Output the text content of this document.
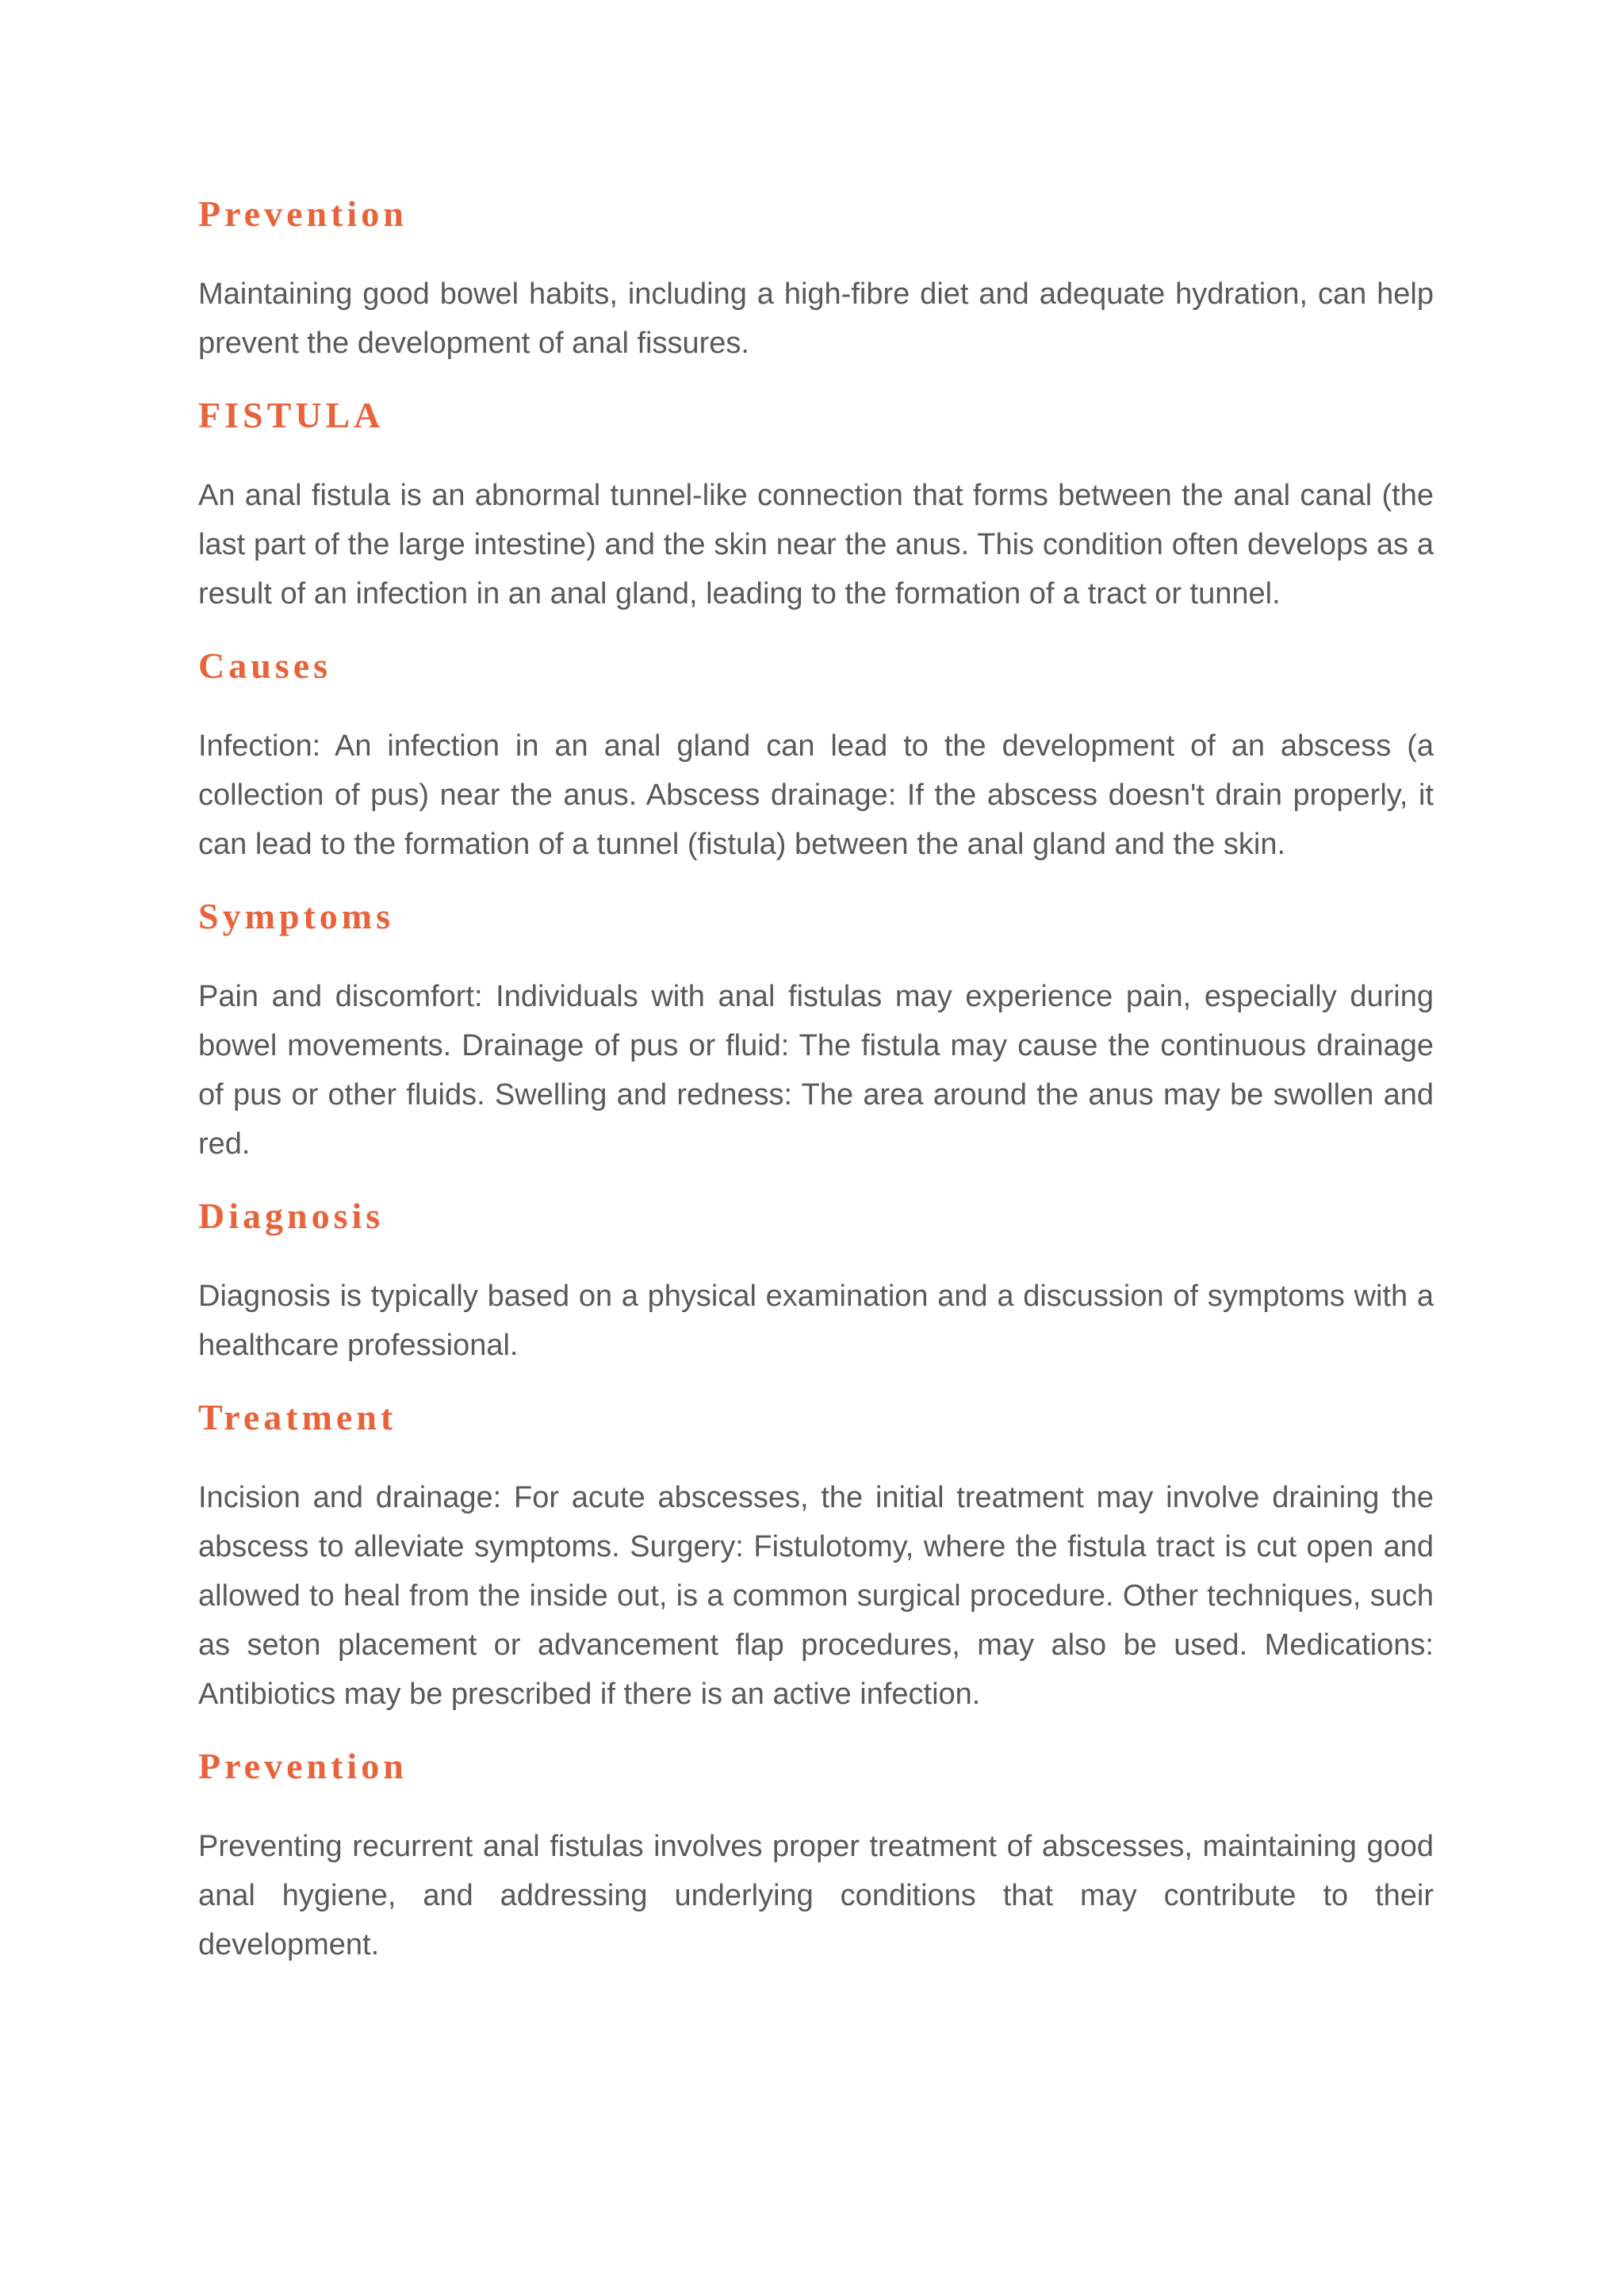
Prevention

Maintaining good bowel habits, including a high-fibre diet and adequate hydration, can help prevent the development of anal fissures.

FISTULA

An anal fistula is an abnormal tunnel-like connection that forms between the anal canal (the last part of the large intestine) and the skin near the anus. This condition often develops as a result of an infection in an anal gland, leading to the formation of a tract or tunnel.

Causes

Infection: An infection in an anal gland can lead to the development of an abscess (a collection of pus) near the anus. Abscess drainage: If the abscess doesn't drain properly, it can lead to the formation of a tunnel (fistula) between the anal gland and the skin.

Symptoms

Pain and discomfort: Individuals with anal fistulas may experience pain, especially during bowel movements. Drainage of pus or fluid: The fistula may cause the continuous drainage of pus or other fluids. Swelling and redness: The area around the anus may be swollen and red.

Diagnosis

Diagnosis is typically based on a physical examination and a discussion of symptoms with a healthcare professional.

Treatment

Incision and drainage: For acute abscesses, the initial treatment may involve draining the abscess to alleviate symptoms. Surgery: Fistulotomy, where the fistula tract is cut open and allowed to heal from the inside out, is a common surgical procedure. Other techniques, such as seton placement or advancement flap procedures, may also be used. Medications: Antibiotics may be prescribed if there is an active infection.

Prevention

Preventing recurrent anal fistulas involves proper treatment of abscesses, maintaining good anal hygiene, and addressing underlying conditions that may contribute to their development.
